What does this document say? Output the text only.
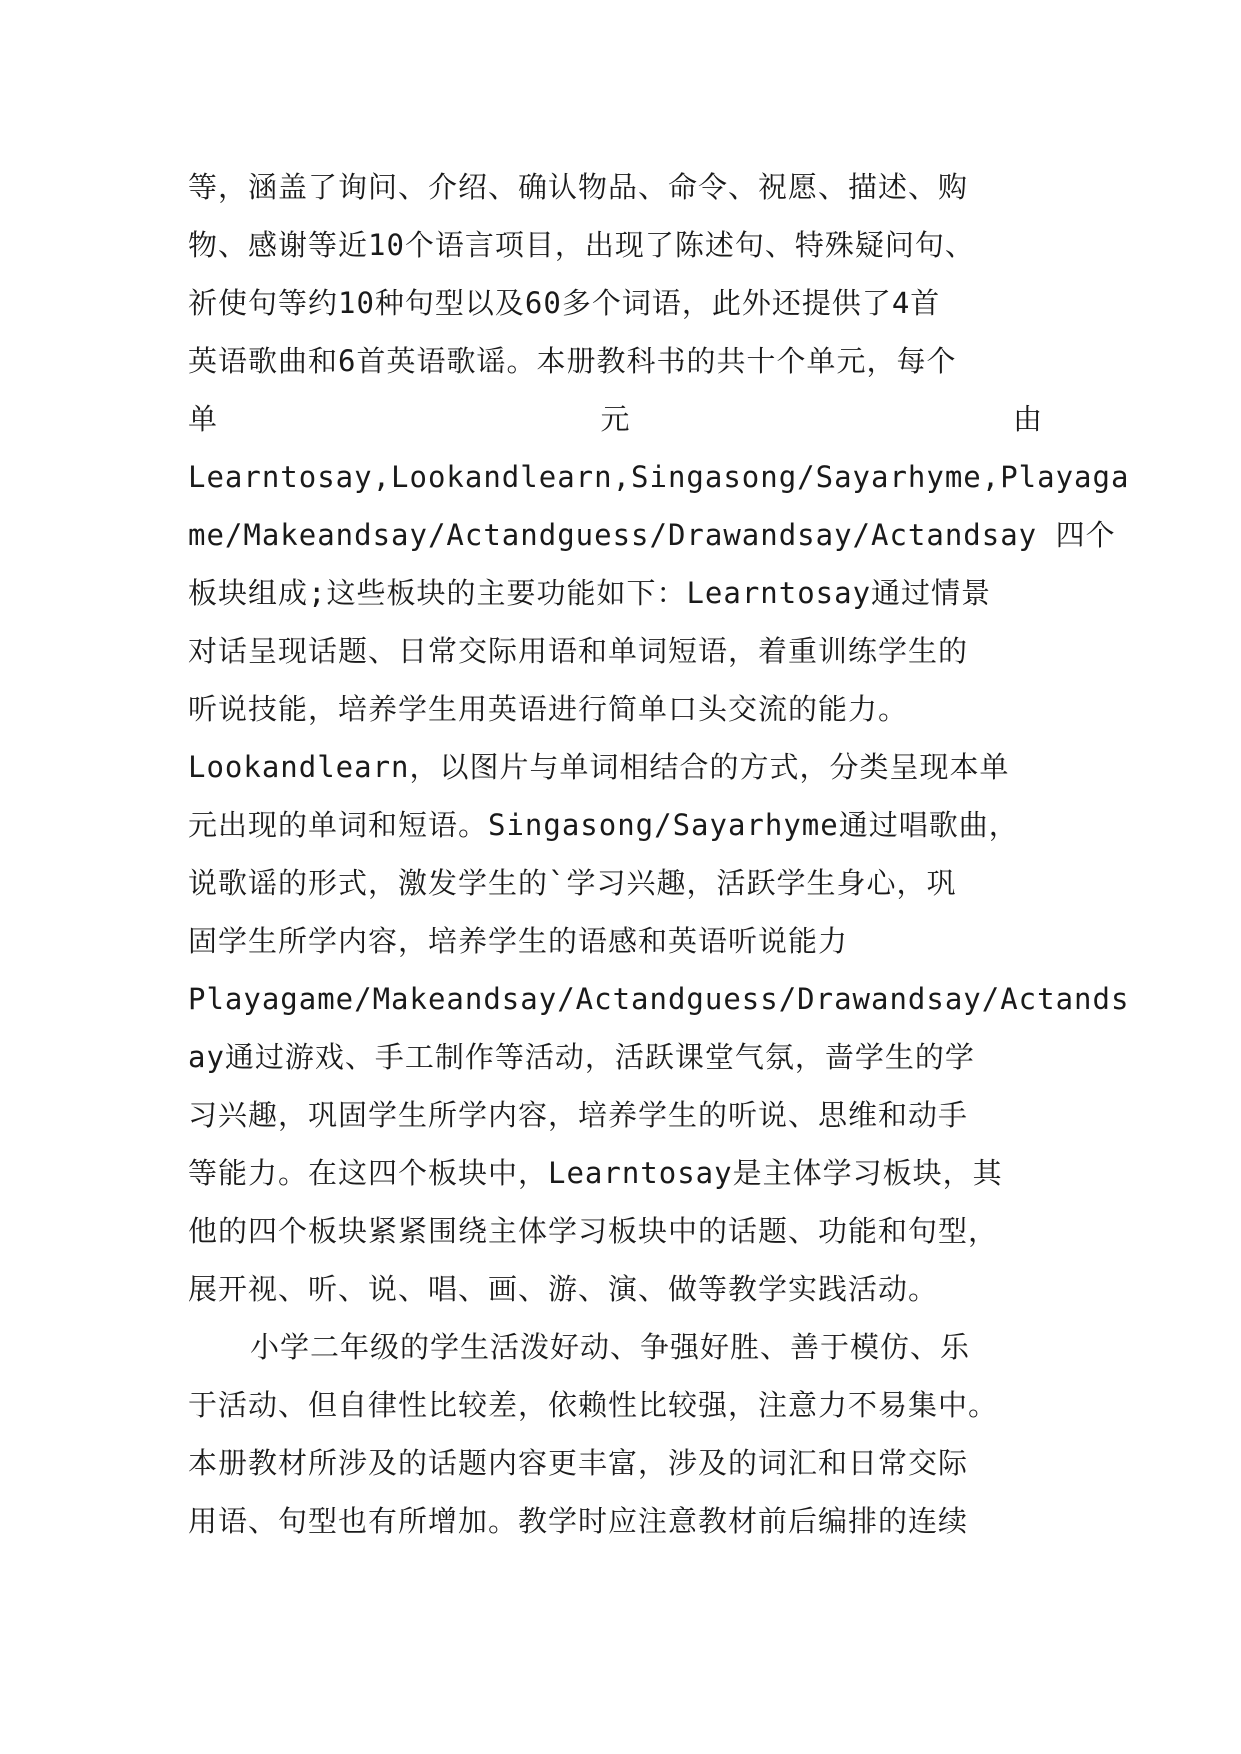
等，涵盖了询问、介绍、确认物品、命令、祝愿、描述、购
物、感谢等近10个语言项目，出现了陈述句、特殊疑问句、
祈使句等约10种句型以及60多个词语，此外还提供了4首
英语歌曲和6首英语歌谣。本册教科书的共十个单元，每个
单	元	由
Learntosay,Lookandlearn,Singasong/Sayarhyme,Playaga
me/Makeandsay/Actandguess/Drawandsay/Actandsay 四个
板块组成;这些板块的主要功能如下：Learntosay通过情景
对话呈现话题、日常交际用语和单词短语，着重训练学生的
听说技能，培养学生用英语进行简单口头交流的能力。
Lookandlearn，以图片与单词相结合的方式，分类呈现本单
元出现的单词和短语。Singasong/Sayarhyme通过唱歌曲，
说歌谣的形式，激发学生的`学习兴趣，活跃学生身心，巩
固学生所学内容，培养学生的语感和英语听说能力
Playagame/Makeandsay/Actandguess/Drawandsay/Actands
ay通过游戏、手工制作等活动，活跃课堂气氛，啬学生的学
习兴趣，巩固学生所学内容，培养学生的听说、思维和动手
等能力。在这四个板块中，Learntosay是主体学习板块，其
他的四个板块紧紧围绕主体学习板块中的话题、功能和句型，
展开视、听、说、唱、画、游、演、做等教学实践活动。
小学二年级的学生活泼好动、争强好胜、善于模仿、乐
于活动、但自律性比较差，依赖性比较强，注意力不易集中。
本册教材所涉及的话题内容更丰富，涉及的词汇和日常交际
用语、句型也有所增加。教学时应注意教材前后编排的连续
